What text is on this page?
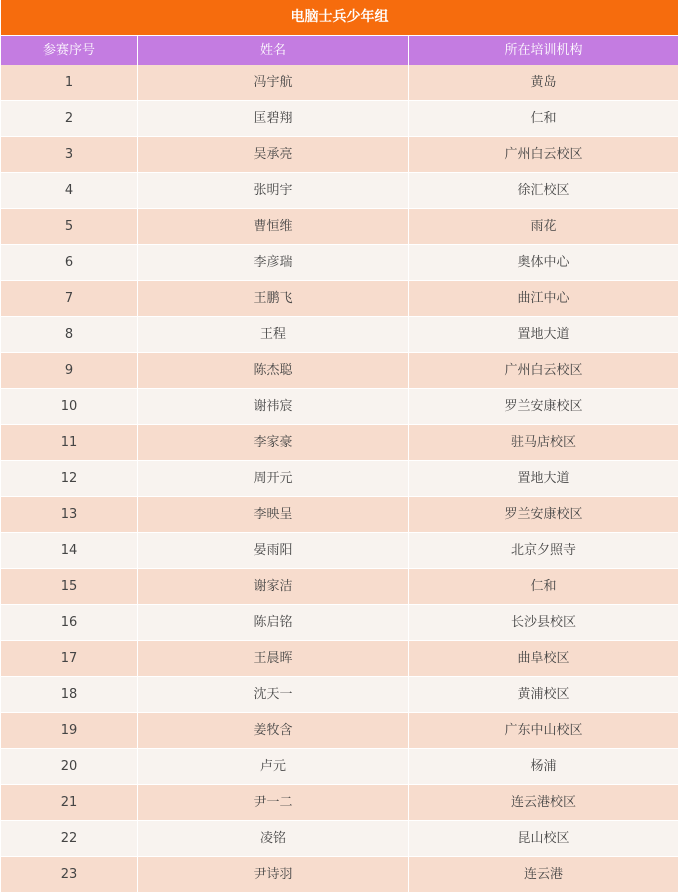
电脑士兵少年组
参赛序号	姓名	所在培训机构
1	冯宇航	黄岛
2	匡碧翔	仁和
3	吴承亮	广州白云校区
4	张明宇	徐汇校区
5	曹恒维	雨花
6	李彦瑞	奥体中心
7	王鹏飞	曲江中心
8	王程	置地大道
9	陈杰聪	广州白云校区
10	谢祎宸	罗兰安康校区
11	李家豪	驻马店校区
12	周开元	置地大道
13	李映呈	罗兰安康校区
14	晏雨阳	北京夕照寺
15	谢家洁	仁和
16	陈启铭	长沙县校区
17	王晨晖	曲阜校区
18	沈天一	黄浦校区
19	姜牧含	广东中山校区
20	卢元	杨浦
21	尹一二	连云港校区
22	凌铭	昆山校区
23	尹诗羽	连云港
